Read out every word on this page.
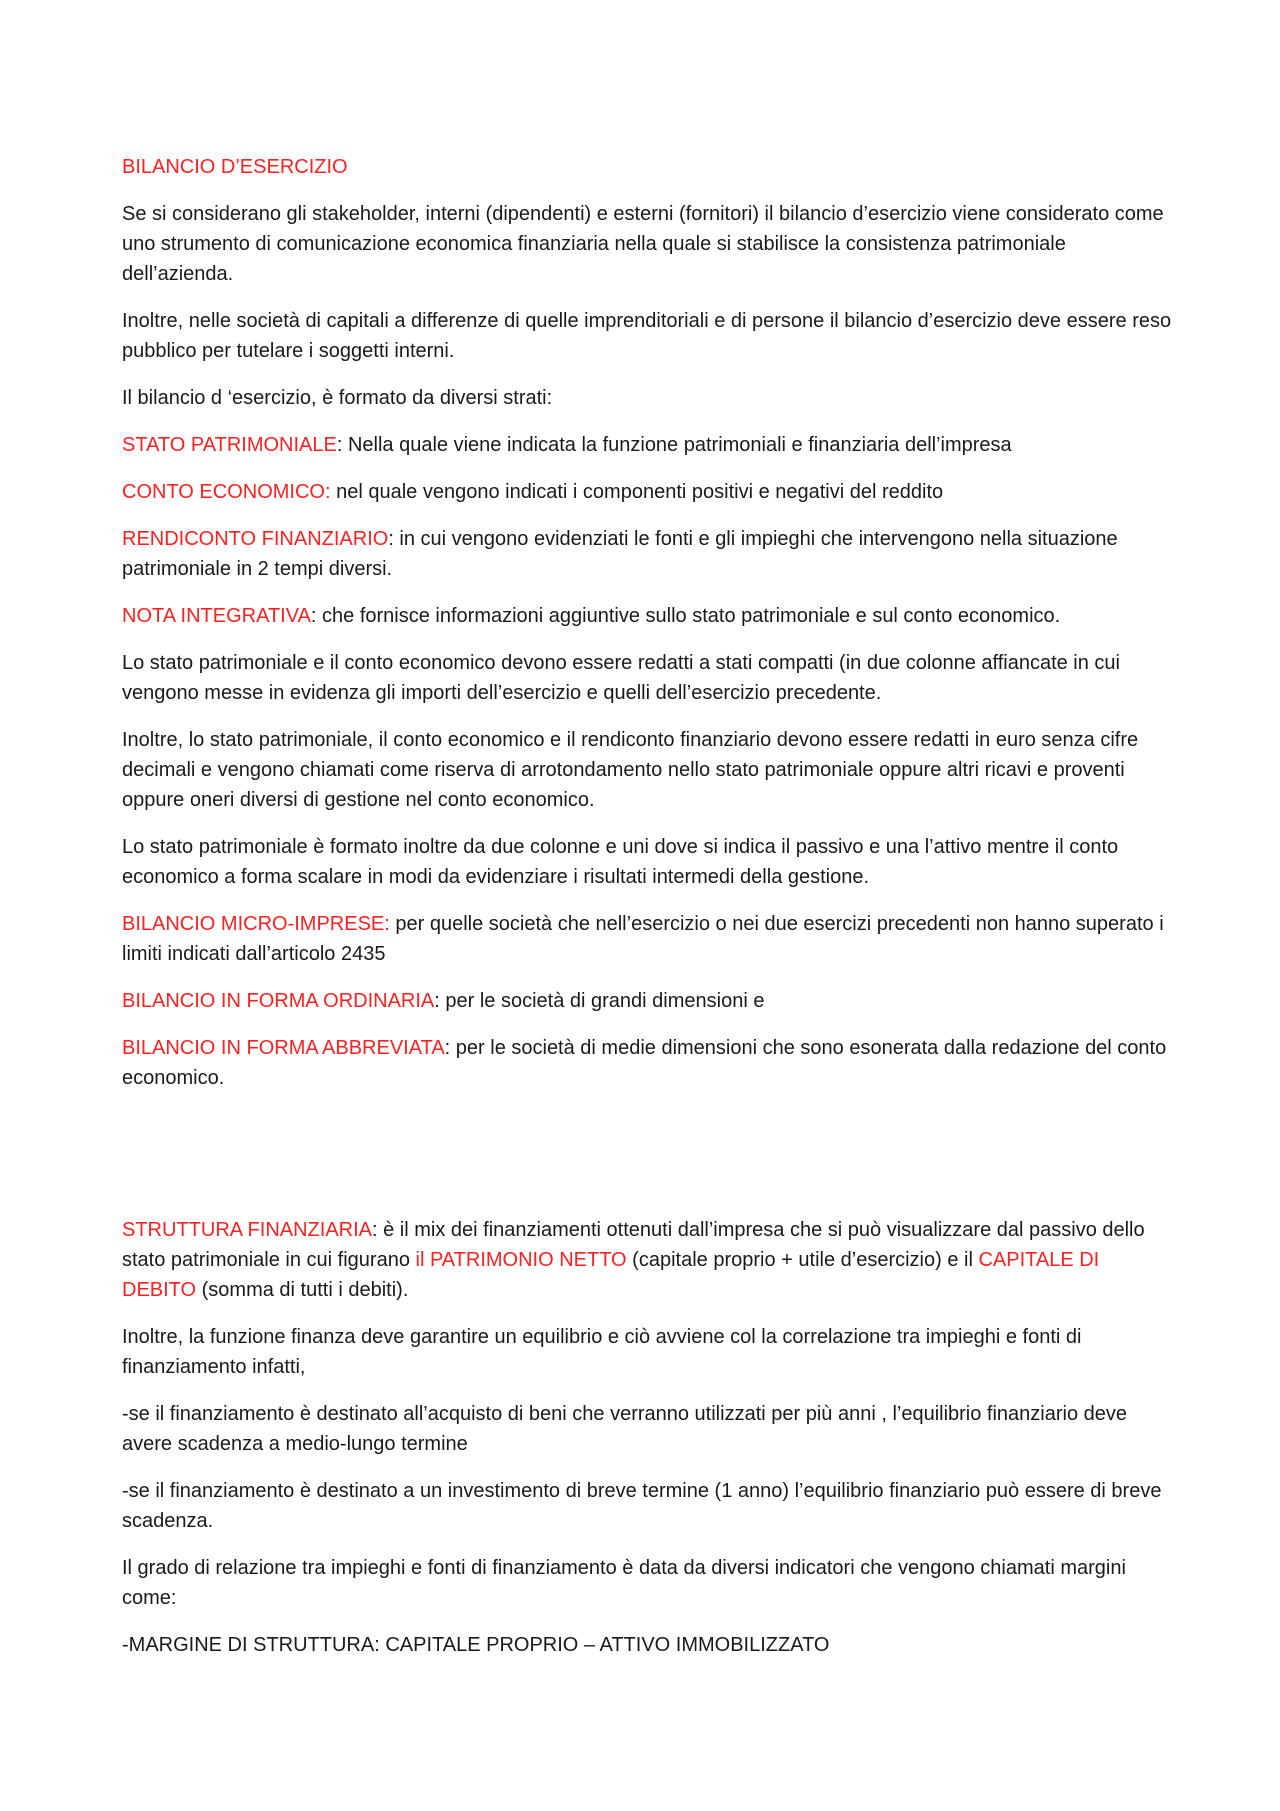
BILANCIO D’ESERCIZIO

Se si considerano gli stakeholder, interni (dipendenti) e esterni (fornitori) il bilancio d’esercizio viene considerato come uno strumento di comunicazione economica finanziaria nella quale si stabilisce la consistenza patrimoniale dell’azienda.

Inoltre, nelle società di capitali a differenze di quelle imprenditoriali e di persone il bilancio d’esercizio deve essere reso pubblico per tutelare i soggetti interni.

Il bilancio d ‘esercizio, è formato da diversi strati:

STATO PATRIMONIALE: Nella quale viene indicata la funzione patrimoniali e finanziaria dell’impresa

CONTO ECONOMICO: nel quale vengono indicati i componenti positivi e negativi del reddito

RENDICONTO FINANZIARIO: in cui vengono evidenziati le fonti e gli impieghi che intervengono nella situazione patrimoniale in 2 tempi diversi.

NOTA INTEGRATIVA: che fornisce informazioni aggiuntive sullo stato patrimoniale e sul conto economico.

Lo stato patrimoniale e il conto economico devono essere redatti a stati compatti (in due colonne affiancate in cui vengono messe in evidenza gli importi dell’esercizio e quelli dell’esercizio precedente.

Inoltre, lo stato patrimoniale, il conto economico e il rendiconto finanziario devono essere redatti in euro senza cifre decimali e vengono chiamati come riserva di arrotondamento nello stato patrimoniale oppure altri ricavi e proventi oppure oneri diversi di gestione nel conto economico.

Lo stato patrimoniale è formato inoltre da due colonne e uni dove si indica il passivo e una l’attivo mentre il conto economico a forma scalare in modi da evidenziare i risultati intermedi della gestione.

BILANCIO MICRO-IMPRESE: per quelle società che nell’esercizio o nei due esercizi precedenti non hanno superato i limiti indicati dall’articolo 2435

BILANCIO IN FORMA ORDINARIA: per le società di grandi dimensioni e

BILANCIO IN FORMA ABBREVIATA: per le società di medie dimensioni che sono esonerata dalla redazione del conto economico.

STRUTTURA FINANZIARIA: è il mix dei finanziamenti ottenuti dall’impresa che si può visualizzare dal passivo dello stato patrimoniale in cui figurano il PATRIMONIO NETTO (capitale proprio + utile d’esercizio) e il CAPITALE DI DEBITO (somma di tutti i debiti).

Inoltre, la funzione finanza deve garantire un equilibrio e ciò avviene col la correlazione tra impieghi e fonti di finanziamento infatti,

-se il finanziamento è destinato all’acquisto di beni che verranno utilizzati per più anni , l’equilibrio finanziario deve avere scadenza a medio-lungo termine

-se il finanziamento è destinato a un investimento di breve termine (1 anno) l’equilibrio finanziario può essere di breve scadenza.

Il grado di relazione tra impieghi e fonti di finanziamento è data da diversi indicatori che vengono chiamati margini come:

-MARGINE DI STRUTTURA: CAPITALE PROPRIO – ATTIVO IMMOBILIZZATO
